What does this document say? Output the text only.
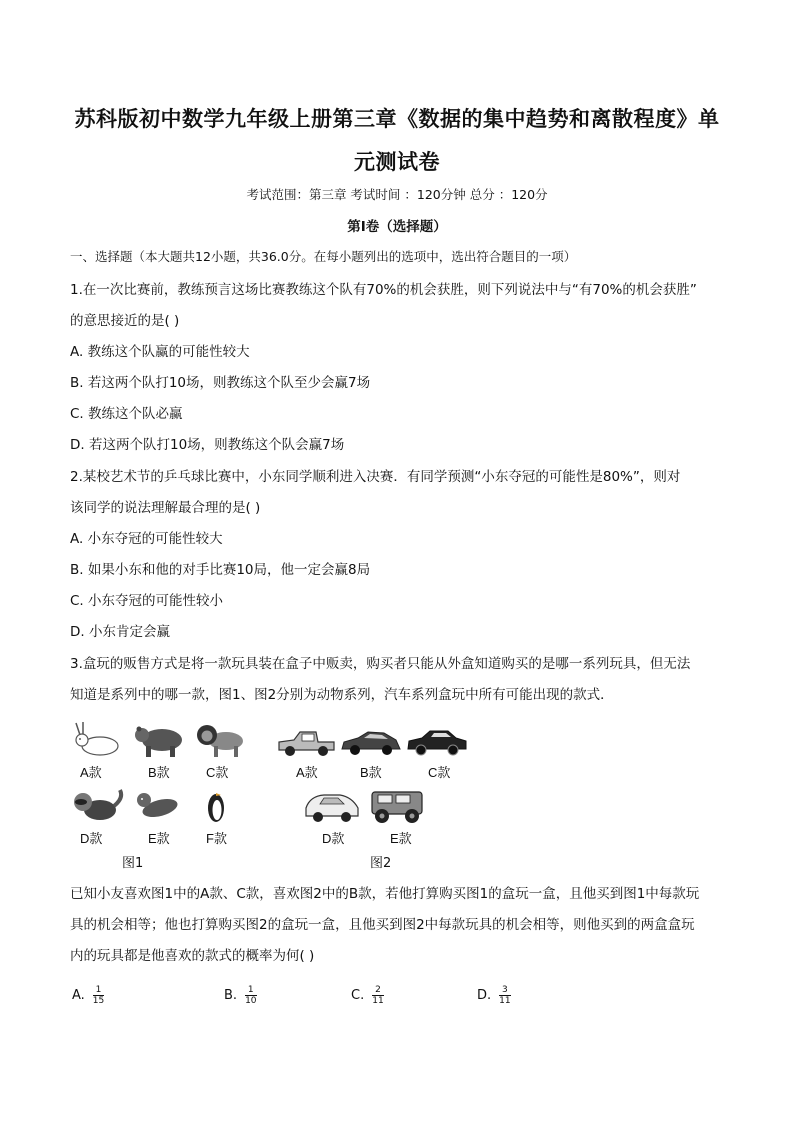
苏科版初中数学九年级上册第三章《数据的集中趋势和离散程度》单
元测试卷
考试范围：第三章 考试时间 ：120分钟 总分 ：120分
第I卷（选择题）
一、选择题（本大题共12小题，共36.0分。在每小题列出的选项中，选出符合题目的一项）
1.在一次比赛前，教练预言这场比赛教练这个队有70%的机会获胜，则下列说法中与“有70%的机会获胜”
的意思接近的是( )
A. 教练这个队赢的可能性较大
B. 若这两个队打10场，则教练这个队至少会赢7场
C. 教练这个队必赢
D. 若这两个队打10场，则教练这个队会赢7场
2.某校艺术节的乒乓球比赛中，小东同学顺利进入决赛．有同学预测“小东夺冠的可能性是80%”，则对
该同学的说法理解最合理的是( )
A. 小东夺冠的可能性较大
B. 如果小东和他的对手比赛10局，他一定会赢8局
C. 小东夺冠的可能性较小
D. 小东肯定会赢
3.盒玩的贩售方式是将一款玩具装在盒子中贩卖，购买者只能从外盒知道购买的是哪一系列玩具，但无法
知道是系列中的哪一款，图1、图2分别为动物系列，汽车系列盒玩中所有可能出现的款式．
A款	B款	C款
D款	E款	F款
A款	B款	C款
D款	E款
图1	图2
已知小友喜欢图1中的A款、C款，喜欢图2中的B款，若他打算购买图1的盒玩一盒，且他买到图1中每款玩
具的机会相等；他也打算购买图2的盒玩一盒，且他买到图2中每款玩具的机会相等，则他买到的两盒盒玩
内的玩具都是他喜欢的款式的概率为何( )
A. $\frac{1}{15}$	B. $\frac{1}{10}$	C. $\frac{2}{11}$	D. $\frac{3}{11}$
